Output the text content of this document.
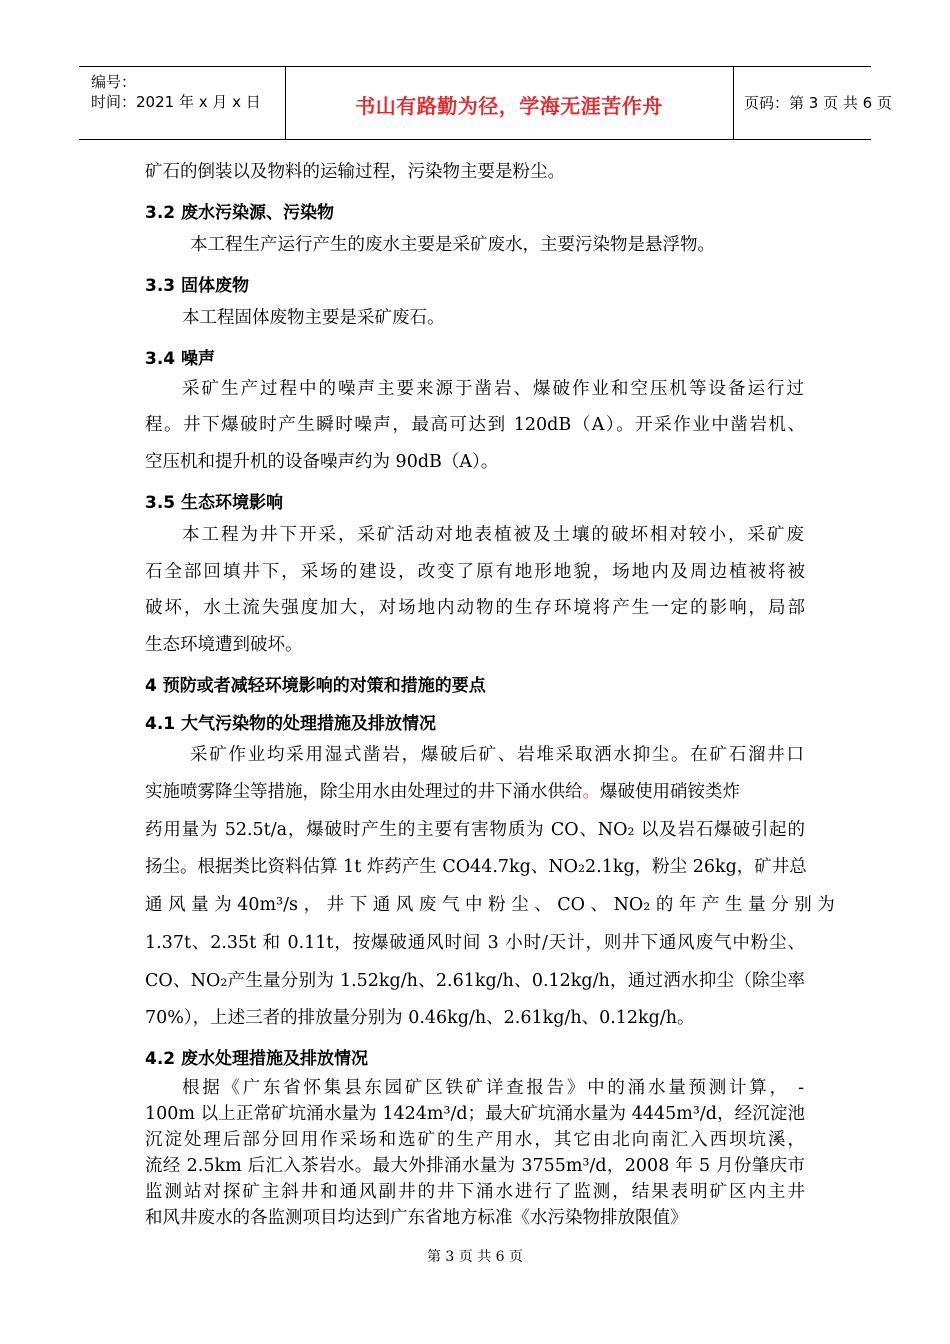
编号：
时间：2021 年 x 月 x 日	书山有路勤为径，学海无涯苦作舟	页码：第 3 页 共 6 页
矿石的倒装以及物料的运输过程，污染物主要是粉尘。
3.2 废水污染源、污染物
本工程生产运行产生的废水主要是采矿废水，主要污染物是悬浮物。
3.3 固体废物
本工程固体废物主要是采矿废石。
3.4 噪声
采矿生产过程中的噪声主要来源于凿岩、爆破作业和空压机等设备运行过
程。井下爆破时产生瞬时噪声，最高可达到 120dB（A）。开采作业中凿岩机、
空压机和提升机的设备噪声约为 90dB（A）。
3.5 生态环境影响
本工程为井下开采，采矿活动对地表植被及土壤的破坏相对较小，采矿废
石全部回填井下，采场的建设，改变了原有地形地貌，场地内及周边植被将被
破坏，水土流失强度加大，对场地内动物的生存环境将产生一定的影响，局部
生态环境遭到破坏。
4 预防或者减轻环境影响的对策和措施的要点
4.1 大气污染物的处理措施及排放情况
采矿作业均采用湿式凿岩，爆破后矿、岩堆采取洒水抑尘。在矿石溜井口
实施喷雾降尘等措施，除尘用水由处理过的井下涌水供给。爆破使用硝铵类炸
药用量为 52.5t/a，爆破时产生的主要有害物质为 CO、NO₂ 以及岩石爆破引起的
扬尘。根据类比资料估算 1t 炸药产生 CO44.7kg、NO₂2.1kg，粉尘 26kg，矿井总
通 风 量 为 40m³/s ， 井 下 通 风 废 气 中 粉 尘 、 CO 、 NO₂ 的 年 产 生 量 分 别 为
1.37t、2.35t 和 0.11t，按爆破通风时间 3 小时/天计，则井下通风废气中粉尘、
CO、NO₂产生量分别为 1.52kg/h、2.61kg/h、0.12kg/h，通过洒水抑尘（除尘率
70%），上述三者的排放量分别为 0.46kg/h、2.61kg/h、0.12kg/h。
4.2 废水处理措施及排放情况
根据《广东省怀集县东园矿区铁矿详查报告》中的涌水量预测计算， -
100m 以上正常矿坑涌水量为 1424m³/d；最大矿坑涌水量为 4445m³/d，经沉淀池
沉淀处理后部分回用作采场和选矿的生产用水，其它由北向南汇入西坝坑溪，
流经 2.5km 后汇入茶岩水。最大外排涌水量为 3755m³/d，2008 年 5 月份肇庆市
监测站对探矿主斜井和通风副井的井下涌水进行了监测，结果表明矿区内主井
和风井废水的各监测项目均达到广东省地方标准《水污染物排放限值》
第 3 页 共 6 页
